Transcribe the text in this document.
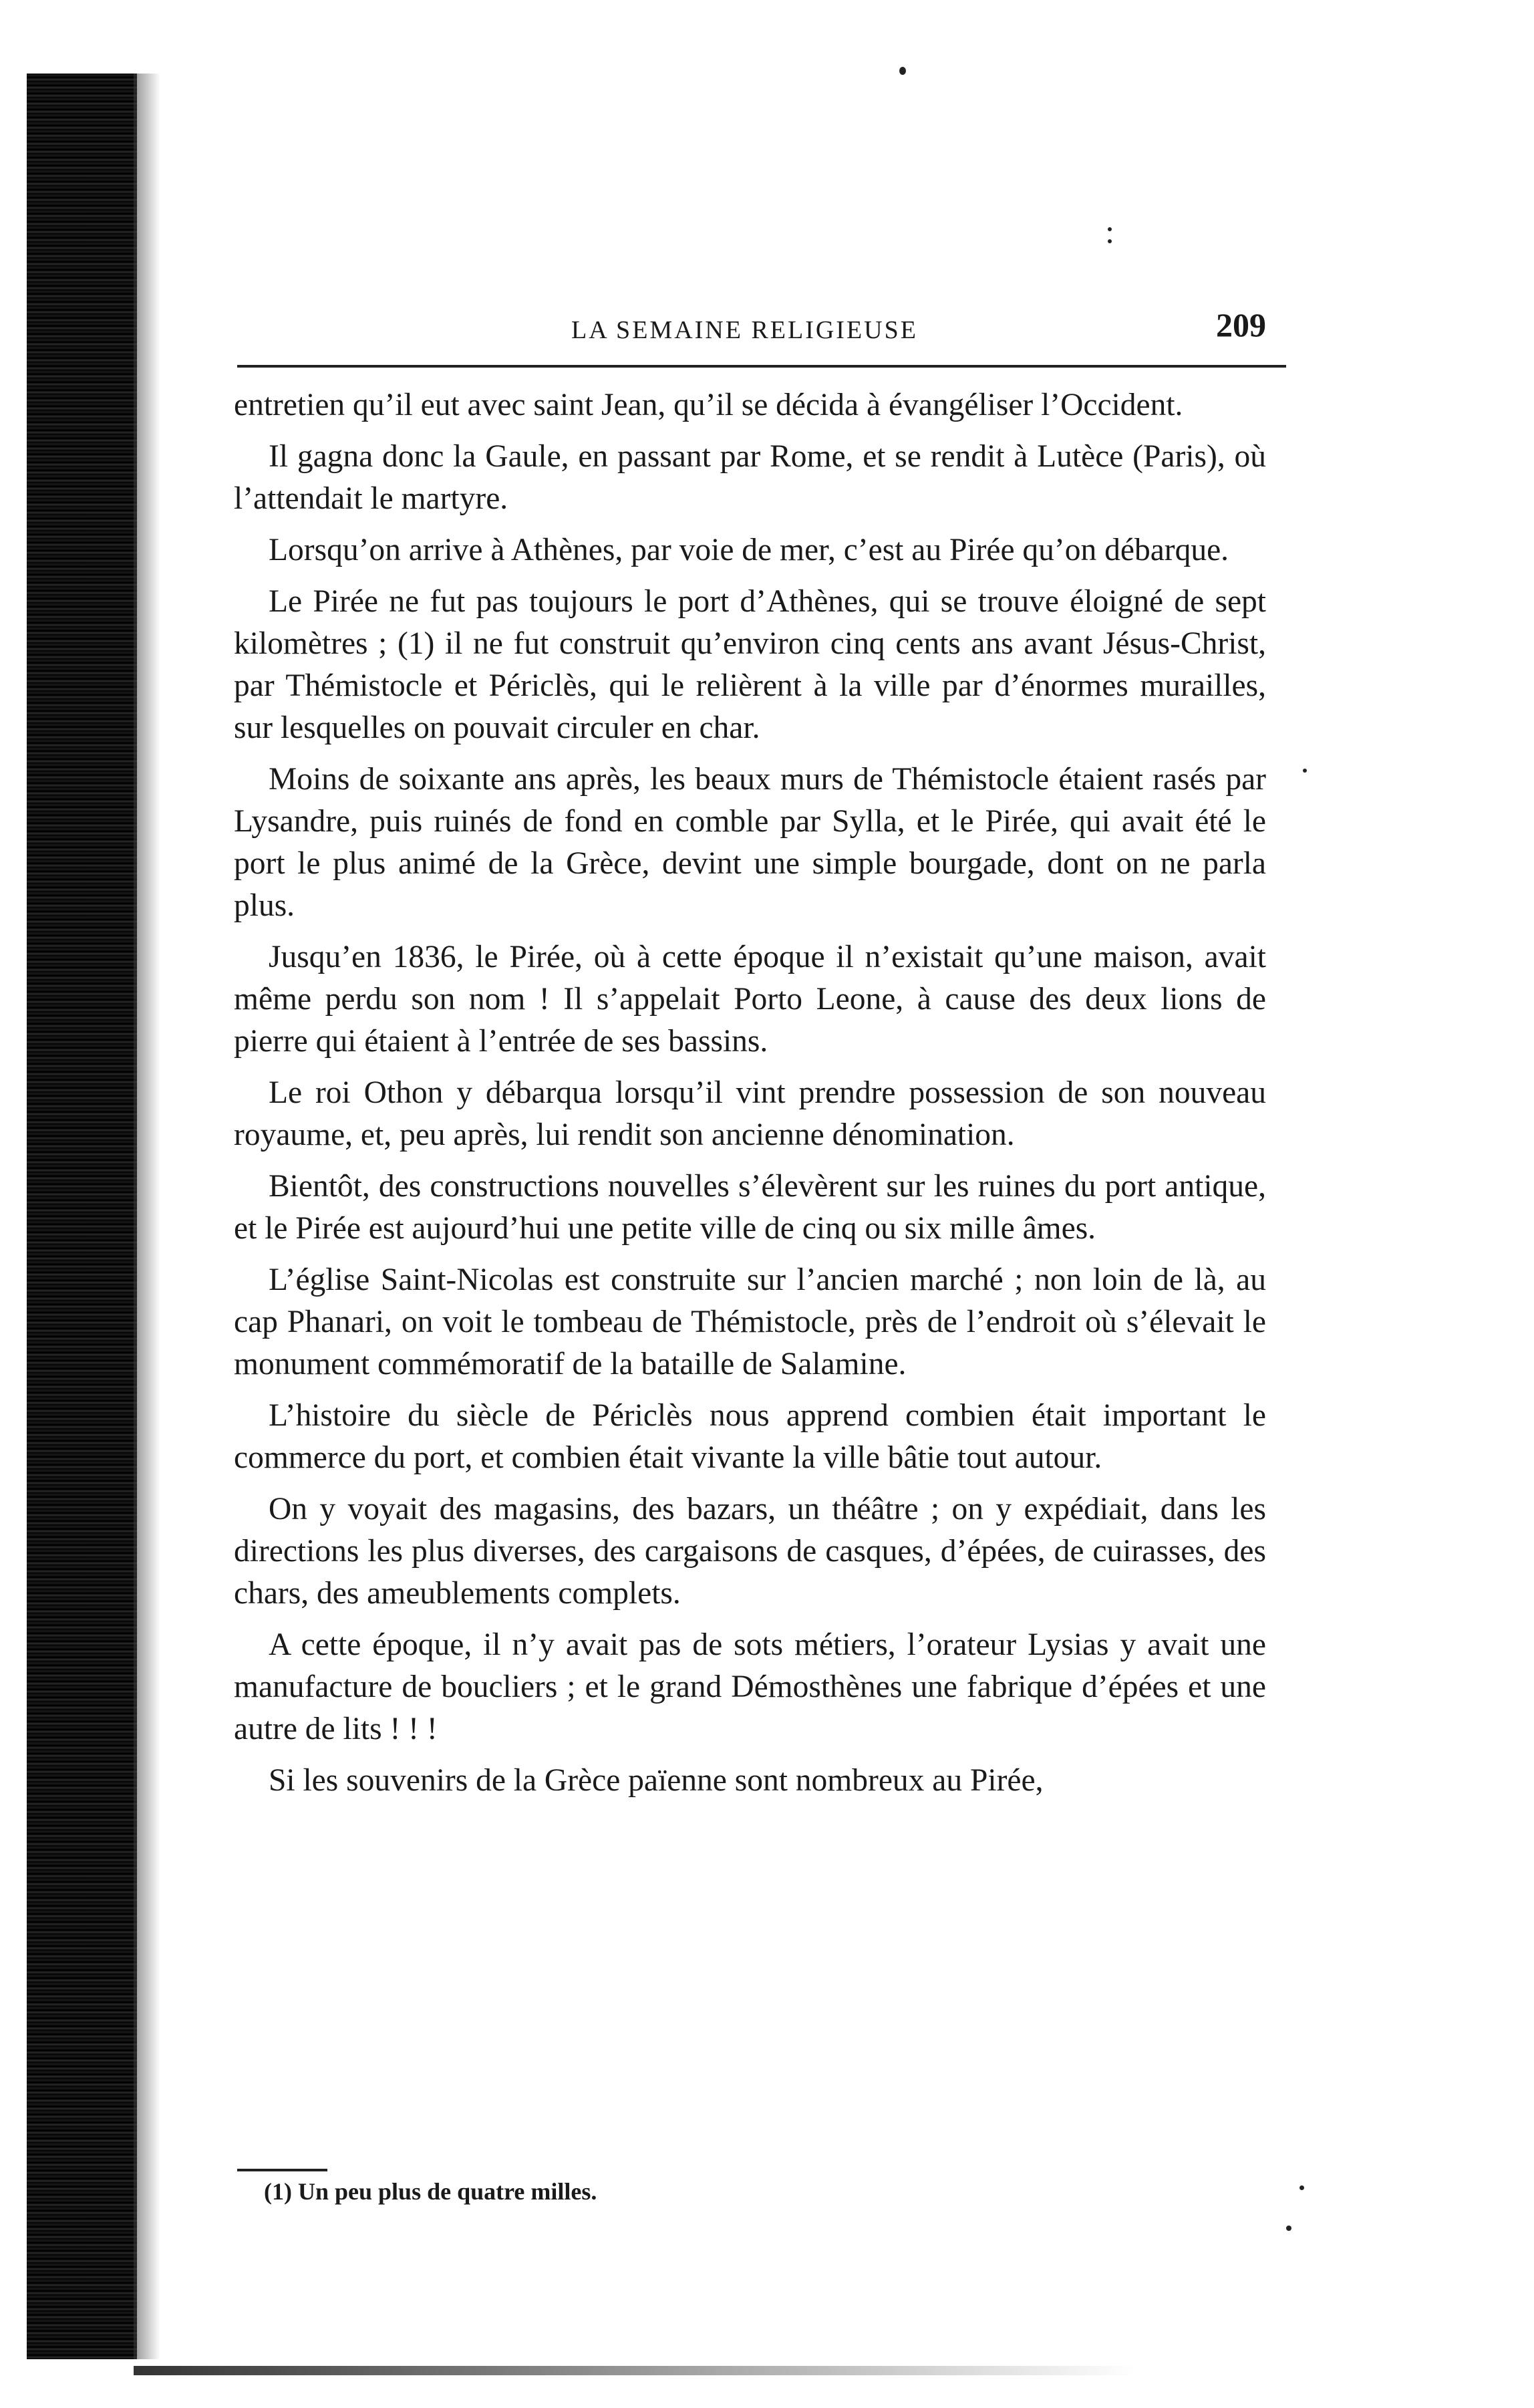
LA SEMAINE RELIGIEUSE	209

entretien qu’il eut avec saint Jean, qu’il se décida à évangéliser l’Occident.

Il gagna donc la Gaule, en passant par Rome, et se rendit à Lutèce (Paris), où l’attendait le martyre.

Lorsqu’on arrive à Athènes, par voie de mer, c’est au Pirée qu’on débarque.

Le Pirée ne fut pas toujours le port d’Athènes, qui se trouve éloigné de sept kilomètres ; (1) il ne fut construit qu’environ cinq cents ans avant Jésus-Christ, par Thémistocle et Périclès, qui le relièrent à la ville par d’énormes murailles, sur lesquelles on pouvait circuler en char.

Moins de soixante ans après, les beaux murs de Thémistocle étaient rasés par Lysandre, puis ruinés de fond en comble par Sylla, et le Pirée, qui avait été le port le plus animé de la Grèce, devint une simple bourgade, dont on ne parla plus.

Jusqu’en 1836, le Pirée, où à cette époque il n’existait qu’une maison, avait même perdu son nom ! Il s’appelait Porto Leone, à cause des deux lions de pierre qui étaient à l’entrée de ses bassins.

Le roi Othon y débarqua lorsqu’il vint prendre possession de son nouveau royaume, et, peu après, lui rendit son ancienne dénomination.

Bientôt, des constructions nouvelles s’élevèrent sur les ruines du port antique, et le Pirée est aujourd’hui une petite ville de cinq ou six mille âmes.

L’église Saint-Nicolas est construite sur l’ancien marché ; non loin de là, au cap Phanari, on voit le tombeau de Thémistocle, près de l’endroit où s’élevait le monument commémoratif de la bataille de Salamine.

L’histoire du siècle de Périclès nous apprend combien était important le commerce du port, et combien était vivante la ville bâtie tout autour.

On y voyait des magasins, des bazars, un théâtre ; on y expédiait, dans les directions les plus diverses, des cargaisons de casques, d’épées, de cuirasses, des chars, des ameublements complets.

A cette époque, il n’y avait pas de sots métiers, l’orateur Lysias y avait une manufacture de boucliers ; et le grand Démosthènes une fabrique d’épées et une autre de lits ! ! !

Si les souvenirs de la Grèce païenne sont nombreux au Pirée,

(1) Un peu plus de quatre milles.
